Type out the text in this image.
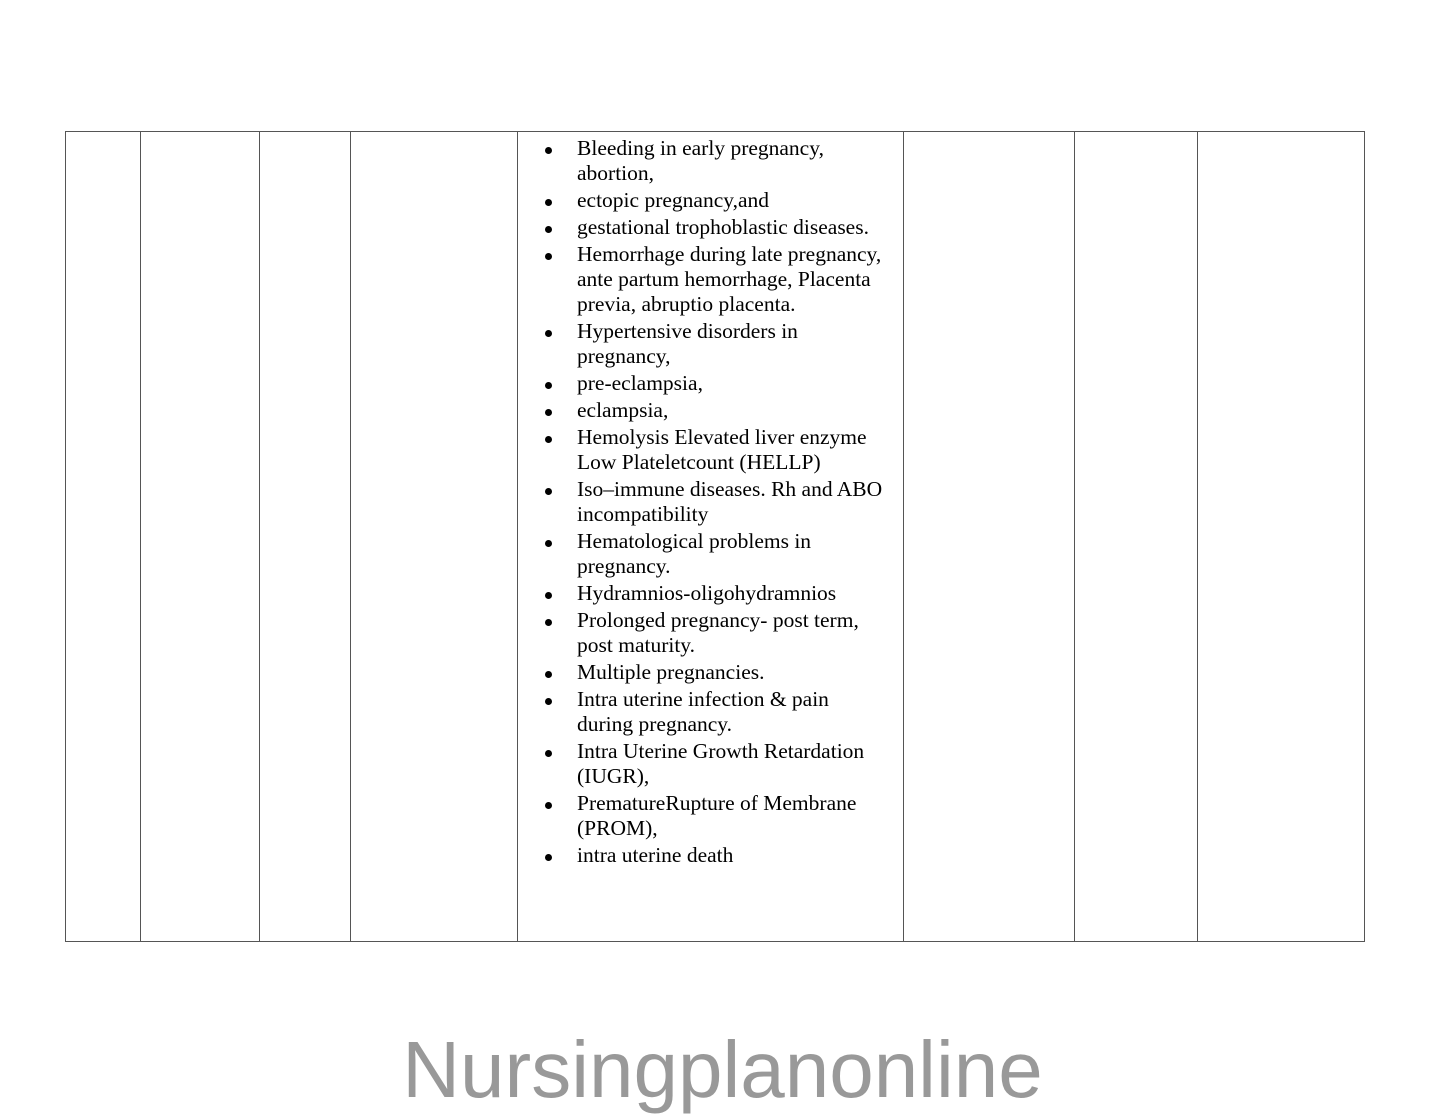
Bleeding in early pregnancy, abortion,
ectopic pregnancy,and
gestational trophoblastic diseases.
Hemorrhage during late pregnancy, ante partum hemorrhage, Placenta previa, abruptio placenta.
Hypertensive disorders in pregnancy,
pre-eclampsia,
eclampsia,
Hemolysis Elevated liver enzyme Low Plateletcount (HELLP)
Iso–immune diseases. Rh and ABO incompatibility
Hematological problems in pregnancy.
Hydramnios-oligohydramnios
Prolonged pregnancy- post term, post maturity.
Multiple pregnancies.
Intra uterine infection & pain during pregnancy.
Intra Uterine Growth Retardation (IUGR),
PrematureRupture of Membrane (PROM),
intra uterine death

Nursingplanonline
